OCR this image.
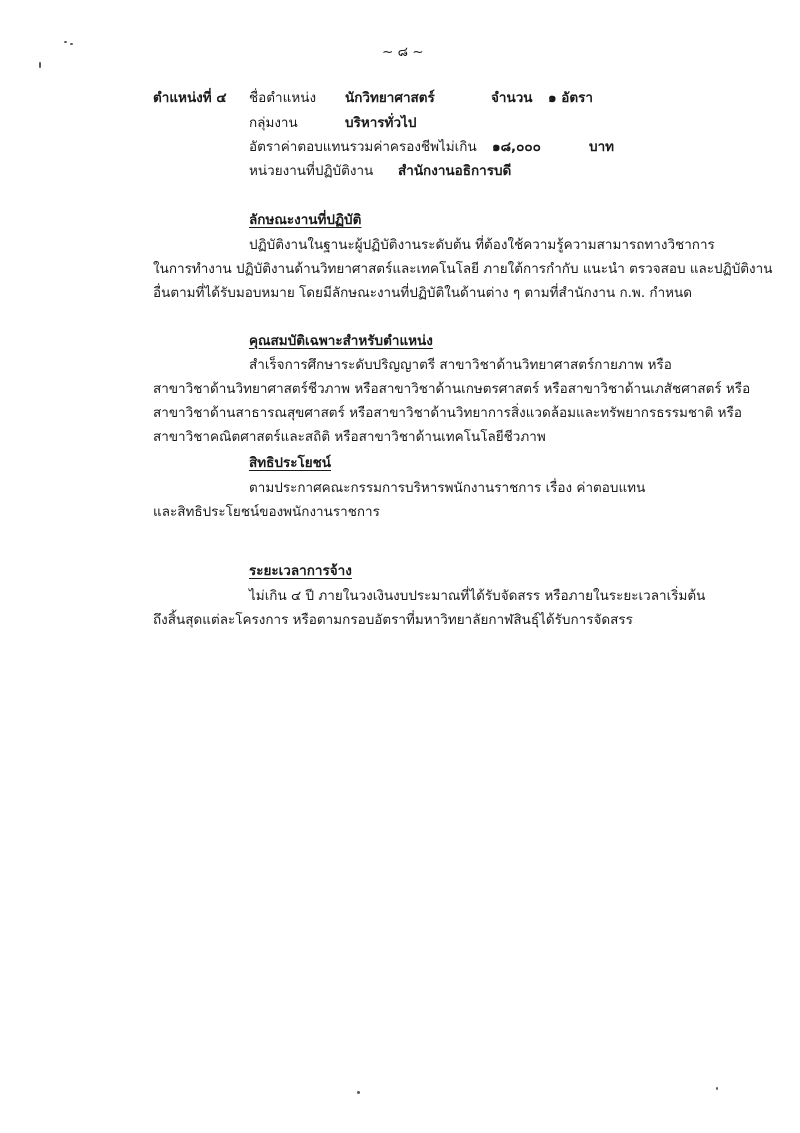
~ ๘ ~
ตำแหน่งที่ ๔ ชื่อตำแหน่ง นักวิทยาศาสตร์	จำนวน ๑ อัตรา
กลุ่มงาน	บริหารทั่วไป
อัตราค่าตอบแทนรวมค่าครองชีพไม่เกิน ๑๘,๐๐๐	บาท
หน่วยงานที่ปฏิบัติงาน สำนักงานอธิการบดี
ลักษณะงานที่ปฏิบัติ
ปฏิบัติงานในฐานะผู้ปฏิบัติงานระดับต้น ที่ต้องใช้ความรู้ความสามารถทางวิชาการ
ในการทำงาน ปฏิบัติงานด้านวิทยาศาสตร์และเทคโนโลยี ภายใต้การกำกับ แนะนำ ตรวจสอบ และปฏิบัติงาน
อื่นตามที่ได้รับมอบหมาย โดยมีลักษณะงานที่ปฏิบัติในด้านต่าง ๆ ตามที่สำนักงาน ก.พ. กำหนด
คุณสมบัติเฉพาะสำหรับตำแหน่ง
สำเร็จการศึกษาระดับปริญญาตรี สาขาวิชาด้านวิทยาศาสตร์กายภาพ หรือ
สาขาวิชาด้านวิทยาศาสตร์ชีวภาพ หรือสาขาวิชาด้านเกษตรศาสตร์ หรือสาขาวิชาด้านเภสัชศาสตร์ หรือ
สาขาวิชาด้านสาธารณสุขศาสตร์ หรือสาขาวิชาด้านวิทยาการสิ่งแวดล้อมและทรัพยากรธรรมชาติ หรือ
สาขาวิชาคณิตศาสตร์และสถิติ หรือสาขาวิชาด้านเทคโนโลยีชีวภาพ
สิทธิประโยชน์
ตามประกาศคณะกรรมการบริหารพนักงานราชการ เรื่อง ค่าตอบแทน
และสิทธิประโยชน์ของพนักงานราชการ
ระยะเวลาการจ้าง
ไม่เกิน ๔ ปี ภายในวงเงินงบประมาณที่ได้รับจัดสรร หรือภายในระยะเวลาเริ่มต้น
ถึงสิ้นสุดแต่ละโครงการ หรือตามกรอบอัตราที่มหาวิทยาลัยกาฬสินธุ์ได้รับการจัดสรร
